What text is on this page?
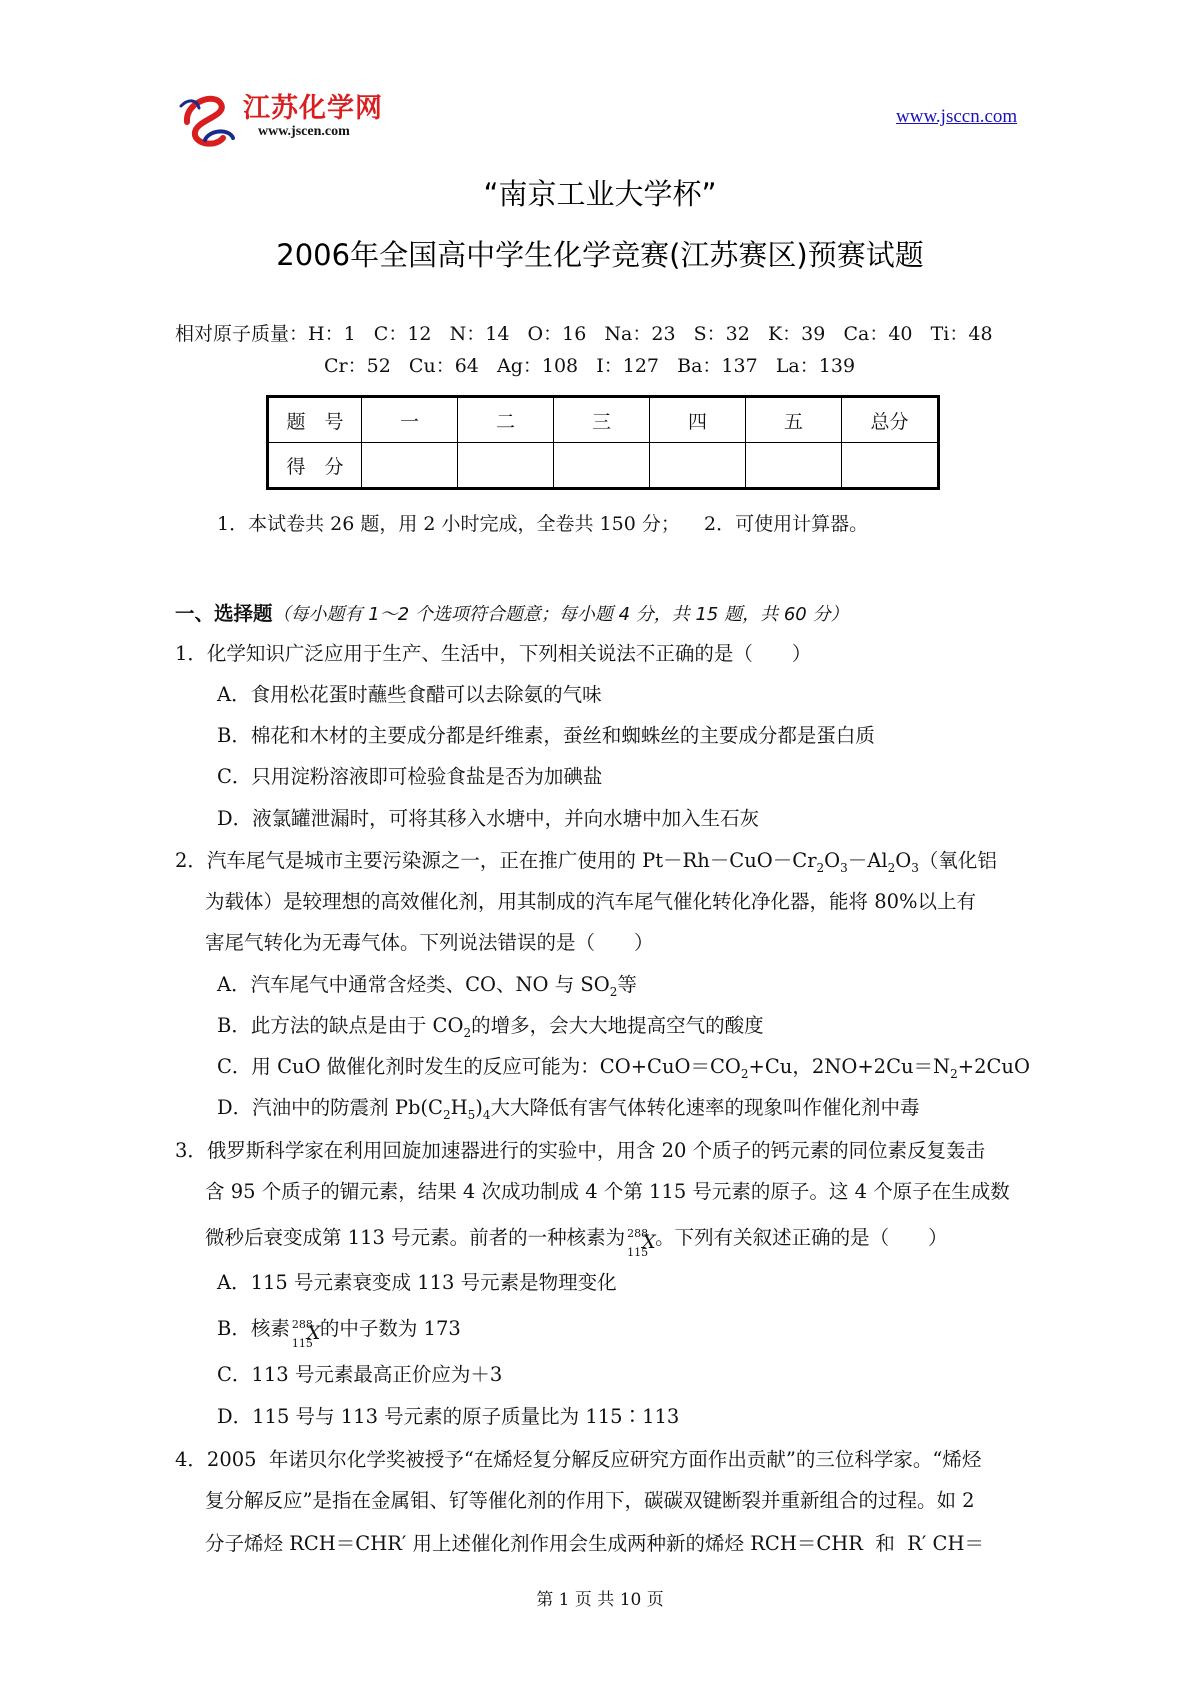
江苏化学网
www.jscen.com
www.jscсn.com
“南京工业大学杯”
2006年全国高中学生化学竞赛(江苏赛区)预赛试题
相对原子质量：H：1   C：12   N：14   O：16   Na：23   S：32   K：39   Ca：40   Ti：48
Cr：52   Cu：64   Ag：108   I：127   Ba：137   La：139
题　号	一	二	三	四	五	总分
得　分						
1．本试卷共 26 题，用 2 小时完成，全卷共 150 分；    2．可使用计算器。
一、选择题（每小题有 1～2 个选项符合题意；每小题 4 分，共 15 题，共 60 分）
1．化学知识广泛应用于生产、生活中，下列相关说法不正确的是（　　）
A．食用松花蛋时蘸些食醋可以去除氨的气味
B．棉花和木材的主要成分都是纤维素，蚕丝和蜘蛛丝的主要成分都是蛋白质
C．只用淀粉溶液即可检验食盐是否为加碘盐
D．液氯罐泄漏时，可将其移入水塘中，并向水塘中加入生石灰
2．汽车尾气是城市主要污染源之一，正在推广使用的 $Pt-Rh-CuO-Cr_2O_3-Al_2O_3$（氧化铝
为载体）是较理想的高效催化剂，用其制成的汽车尾气催化转化净化器，能将 80%以上有
害尾气转化为无毒气体。下列说法错误的是（　　）
A．汽车尾气中通常含烃类、CO、NO 与 $SO_2$等
B．此方法的缺点是由于 $CO_2$的增多，会大大地提高空气的酸度
C．用 CuO 做催化剂时发生的反应可能为：$CO+CuO=CO_2+Cu$，$2NO+2Cu=N_2+2CuO$
D．汽油中的防震剂 $Pb(C_2H_5)_4$大大降低有害气体转化速率的现象叫作催化剂中毒
3．俄罗斯科学家在利用回旋加速器进行的实验中，用含 20 个质子的钙元素的同位素反复轰击
含 95 个质子的镅元素，结果 4 次成功制成 4 个第 115 号元素的原子。这 4 个原子在生成数
微秒后衰变成第 113 号元素。前者的一种核素为 288
115
X 。下列有关叙述正确的是（　　）
A．115 号元素衰变成 113 号元素是物理变化
B．核素 288
115
X 的中子数为 173
C．113 号元素最高正价应为＋3
D．115 号与 113 号元素的原子质量比为 115∶113
4．2005  年诺贝尔化学奖被授予“在烯烃复分解反应研究方面作出贡献”的三位科学家。“烯烃
复分解反应”是指在金属钼、钌等催化剂的作用下，碳碳双键断裂并重新组合的过程。如 2
分子烯烃 RCH＝CHR′ 用上述催化剂作用会生成两种新的烯烃 RCH＝CHR  和  R′ CH＝
第 1 页 共 10 页
